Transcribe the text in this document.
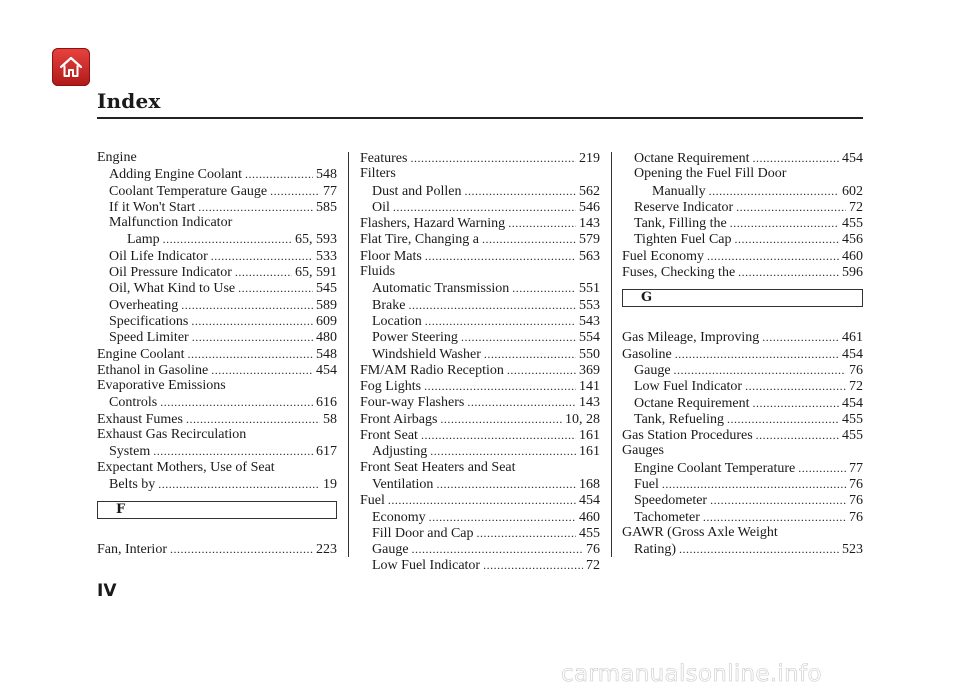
Index
Engine
Adding Engine Coolant .....	548
Coolant Temperature Gauge .....	77
If it Won't Start .....	585
Malfunction Indicator
Lamp .....	65, 593
Oil Life Indicator .....	533
Oil Pressure Indicator .....	65, 591
Oil, What Kind to Use .....	545
Overheating .....	589
Specifications .....	609
Speed Limiter .....	480
Engine Coolant .....	548
Ethanol in Gasoline .....	454
Evaporative Emissions
Controls .....	616
Exhaust Fumes .....	58
Exhaust Gas Recirculation
System .....	617
Expectant Mothers, Use of Seat
Belts by .....	19
F
Fan, Interior .....	223
Features .....	219
Filters
Dust and Pollen .....	562
Oil .....	546
Flashers, Hazard Warning .....	143
Flat Tire, Changing a .....	579
Floor Mats .....	563
Fluids
Automatic Transmission .....	551
Brake .....	553
Location .....	543
Power Steering .....	554
Windshield Washer .....	550
FM/AM Radio Reception .....	369
Fog Lights .....	141
Four-way Flashers .....	143
Front Airbags .....	10, 28
Front Seat .....	161
Adjusting .....	161
Front Seat Heaters and Seat
Ventilation .....	168
Fuel .....	454
Economy .....	460
Fill Door and Cap .....	455
Gauge .....	76
Low Fuel Indicator .....	72
Octane Requirement .....	454
Opening the Fuel Fill Door
Manually .....	602
Reserve Indicator .....	72
Tank, Filling the .....	455
Tighten Fuel Cap .....	456
Fuel Economy .....	460
Fuses, Checking the .....	596
G
Gas Mileage, Improving .....	461
Gasoline .....	454
Gauge .....	76
Low Fuel Indicator .....	72
Octane Requirement .....	454
Tank, Refueling .....	455
Gas Station Procedures .....	455
Gauges
Engine Coolant Temperature .....	77
Fuel .....	76
Speedometer .....	76
Tachometer .....	76
GAWR (Gross Axle Weight
Rating) .....	523
IV
carmanualsonline.info
